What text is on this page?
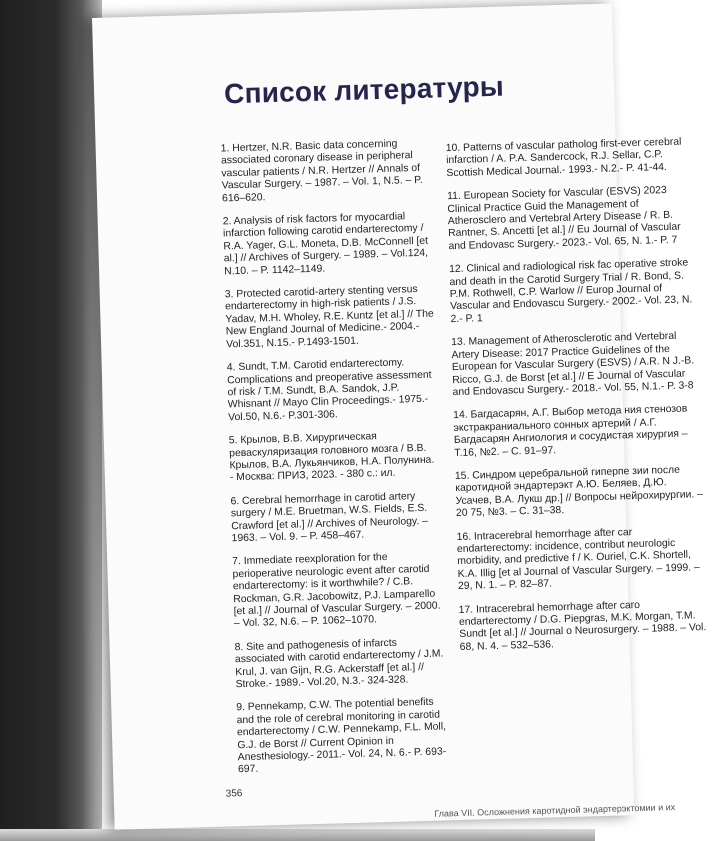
Список литературы

1. Hertzer, N.R. Basic data concerning associated coronary disease in peripheral vascular patients / N.R. Hertzer // Annals of Vascular Surgery. – 1987. – Vol. 1, N.5. – P. 616–620.

2. Analysis of risk factors for myocardial infarction following carotid endarterectomy / R.A. Yager, G.L. Moneta, D.B. McConnell [et al.] // Archives of Surgery. – 1989. – Vol.124, N.10. – P. 1142–1149.

3. Protected carotid-artery stenting versus endarterectomy in high-risk patients / J.S. Yadav, M.H. Wholey, R.E. Kuntz [et al.] // The New England Journal of Medicine.- 2004.- Vol.351, N.15.- P.1493-1501.

4. Sundt, T.M. Carotid endarterectomy. Complications and preoperative assessment of risk / T.M. Sundt, B.A. Sandok, J.P. Whisnant // Mayo Clin Proceedings.- 1975.- Vol.50, N.6.- P.301-306.

5. Крылов, В.В. Хирургическая реваскуляризация головного мозга / В.В. Крылов, В.А. Лукьянчиков, Н.А. Полунина. - Москва: ПРИЗ, 2023. - 380 с.: ил.

6. Cerebral hemorrhage in carotid artery surgery / M.E. Bruetman, W.S. Fields, E.S. Crawford [et al.] // Archives of Neurology. – 1963. – Vol. 9. – P. 458–467.

7. Immediate reexploration for the perioperative neurologic event after carotid endarterectomy: is it worthwhile? / C.B. Rockman, G.R. Jacobowitz, P.J. Lamparello [et al.] // Journal of Vascular Surgery. – 2000. – Vol. 32, N.6. – P. 1062–1070.

8. Site and pathogenesis of infarcts associated with carotid endarterectomy / J.M. Krul, J. van Gijn, R.G. Ackerstaff [et al.] // Stroke.- 1989.- Vol.20, N.3.- 324-328.

9. Pennekamp, C.W. The potential benefits and the role of cerebral monitoring in carotid endarterectomy / C.W. Pennekamp, F.L. Moll, G.J. de Borst // Current Opinion in Anesthesiology.- 2011.- Vol. 24, N. 6.- P. 693-697.

10. Patterns of vascular patholog first-ever cerebral infarction / A. P.A. Sandercock, R.J. Sellar, C.P. Scottish Medical Journal.- 1993.- N.2.- P. 41-44.

11. European Society for Vascular (ESVS) 2023 Clinical Practice Guid the Management of Atherosclero and Vertebral Artery Disease / R. B. Rantner, S. Ancetti [et al.] // Eu Journal of Vascular and Endovasc Surgery.- 2023.- Vol. 65, N. 1.- P. 7

12. Clinical and radiological risk fac operative stroke and death in the Carotid Surgery Trial / R. Bond, S. P.M. Rothwell, C.P. Warlow // Europ Journal of Vascular and Endovascu Surgery.- 2002.- Vol. 23, N. 2.- P. 1

13. Management of Atherosclerotic and Vertebral Artery Disease: 2017 Practice Guidelines of the European for Vascular Surgery (ESVS) / A.R. N J.-B. Ricco, G.J. de Borst [et al.] // E Journal of Vascular and Endovascu Surgery.- 2018.- Vol. 55, N.1.- P. 3-8

14. Багдасарян, А.Г. Выбор метода ния стенозов экстракраниального сонных артерий / А.Г. Багдасарян Ангиология и сосудистая хирургия – Т.16, №2. – С. 91–97.

15. Синдром церебральной гиперпе зии после каротидной эндартерэкт А.Ю. Беляев, Д.Ю. Усачев, В.А. Лукш др.] // Вопросы нейрохирургии. – 20 75, №3. – С. 31–38.

16. Intracerebral hemorrhage after car endarterectomy: incidence, contribut neurologic morbidity, and predictive f / K. Ouriel, C.K. Shortell, K.A. Illig [et al Journal of Vascular Surgery. – 1999. – 29, N. 1. – P. 82–87.

17. Intracerebral hemorrhage after caro endarterectomy / D.G. Piepgras, M.K. Morgan, T.M. Sundt [et al.] // Journal o Neurosurgery. – 1988. – Vol. 68, N. 4. – 532–536.

356
Глава VII. Осложнения каротидной эндартерэктомии и их
